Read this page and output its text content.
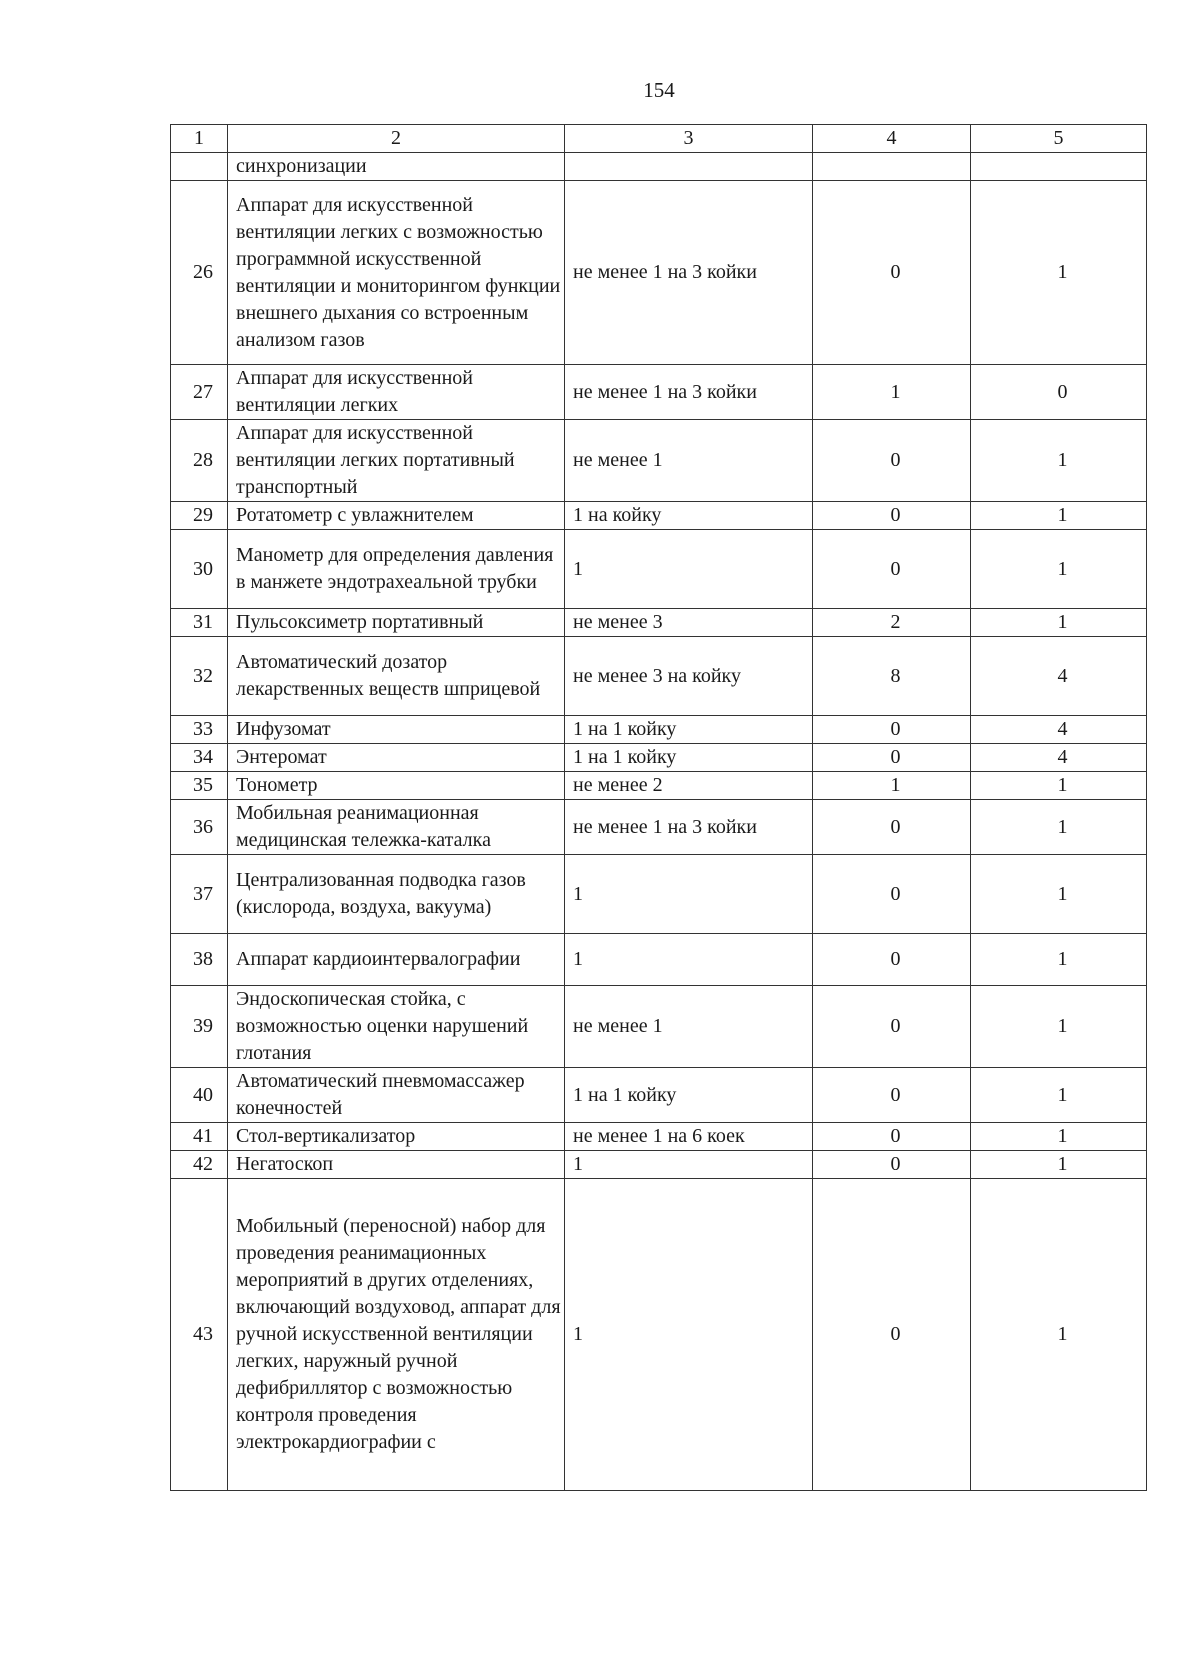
154
1	2	3	4	5
	синхронизации			
26	Аппарат для искусственной вентиляции легких с возможностью программной искусственной вентиляции и мониторингом функции внешнего дыхания со встроенным анализом газов	не менее 1 на 3 койки	0	1
27	Аппарат для искусственной вентиляции легких	не менее 1 на 3 койки	1	0
28	Аппарат для искусственной вентиляции легких портативный транспортный	не менее 1	0	1
29	Ротатометр с увлажнителем	1 на койку	0	1
30	Манометр для определения давления в манжете эндотрахеальной трубки	1	0	1
31	Пульсоксиметр портативный	не менее 3	2	1
32	Автоматический дозатор лекарственных веществ шприцевой	не менее 3 на койку	8	4
33	Инфузомат	1 на 1 койку	0	4
34	Энтеромат	1 на 1 койку	0	4
35	Тонометр	не менее 2	1	1
36	Мобильная реанимационная медицинская тележка-каталка	не менее 1 на 3 койки	0	1
37	Централизованная подводка газов (кислорода, воздуха, вакуума)	1	0	1
38	Аппарат кардиоинтервалографии	1	0	1
39	Эндоскопическая стойка, с возможностью оценки нарушений глотания	не менее 1	0	1
40	Автоматический пневмомассажер конечностей	1 на 1 койку	0	1
41	Стол-вертикализатор	не менее 1 на 6 коек	0	1
42	Негатоскоп	1	0	1
43	Мобильный (переносной) набор для проведения реанимационных мероприятий в других отделениях, включающий воздуховод, аппарат для ручной искусственной вентиляции легких, наружный ручной дефибриллятор с возможностью контроля проведения электрокардиографии с	1	0	1
